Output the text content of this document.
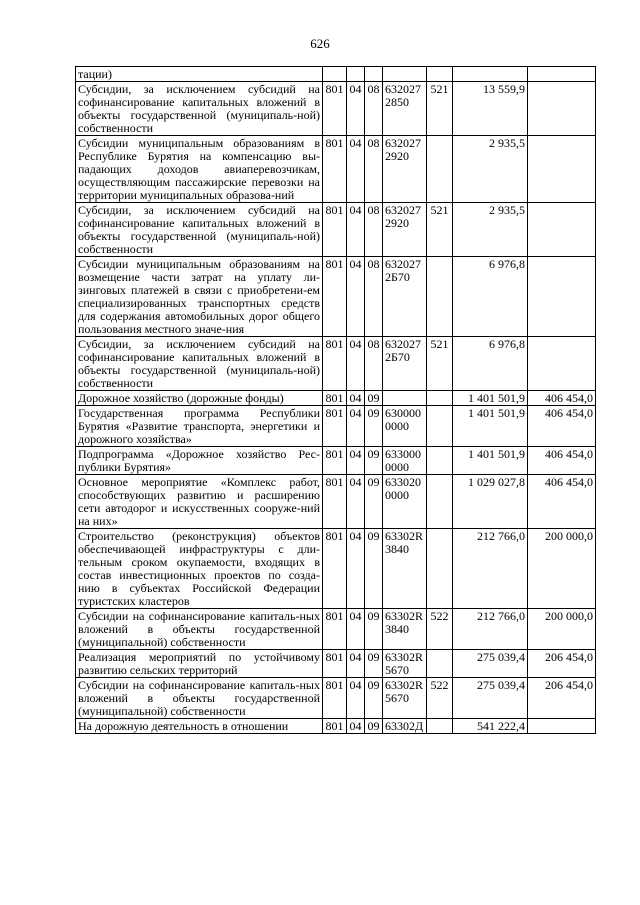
626
тации)							
Субсидии, за исключением субсидий на софинансирование капитальных вложений в объекты государственной (муниципаль-ной) собственности	801	04	08	632027 2850	521	13 559,9	
Субсидии муниципальным образованиям в Республике Бурятия на компенсацию вы-падающих доходов авиаперевозчикам, осуществляющим пассажирские перевозки на территории муниципальных образова-ний	801	04	08	632027 2920		2 935,5	
Субсидии, за исключением субсидий на софинансирование капитальных вложений в объекты государственной (муниципаль-ной) собственности	801	04	08	632027 2920	521	2 935,5	
Субсидии муниципальным образованиям на возмещение части затрат на уплату ли-зинговых платежей в связи с приобретени-ем специализированных транспортных средств для содержания автомобильных дорог общего пользования местного значе-ния	801	04	08	632027 2Б70		6 976,8	
Субсидии, за исключением субсидий на софинансирование капитальных вложений в объекты государственной (муниципаль-ной) собственности	801	04	08	632027 2Б70	521	6 976,8	
Дорожное хозяйство (дорожные фонды)	801	04	09			1 401 501,9	406 454,0
Государственная программа Республики Бурятия «Развитие транспорта, энергетики и дорожного хозяйства»	801	04	09	630000 0000		1 401 501,9	406 454,0
Подпрограмма «Дорожное хозяйство Рес-публики Бурятия»	801	04	09	633000 0000		1 401 501,9	406 454,0
Основное мероприятие «Комплекс работ, способствующих развитию и расширению сети автодорог и искусственных сооруже-ний на них»	801	04	09	633020 0000		1 029 027,8	406 454,0
Строительство (реконструкция) объектов обеспечивающей инфраструктуры с дли-тельным сроком окупаемости, входящих в состав инвестиционных проектов по созда-нию в субъектах Российской Федерации туристских кластеров	801	04	09	63302R 3840		212 766,0	200 000,0
Субсидии на софинансирование капиталь-ных вложений в объекты государственной (муниципальной) собственности	801	04	09	63302R 3840	522	212 766,0	200 000,0
Реализация мероприятий по устойчивому развитию сельских территорий	801	04	09	63302R 5670		275 039,4	206 454,0
Субсидии на софинансирование капиталь-ных вложений в объекты государственной (муниципальной) собственности	801	04	09	63302R 5670	522	275 039,4	206 454,0
На дорожную деятельность в отношении	801	04	09	63302Д		541 222,4	
